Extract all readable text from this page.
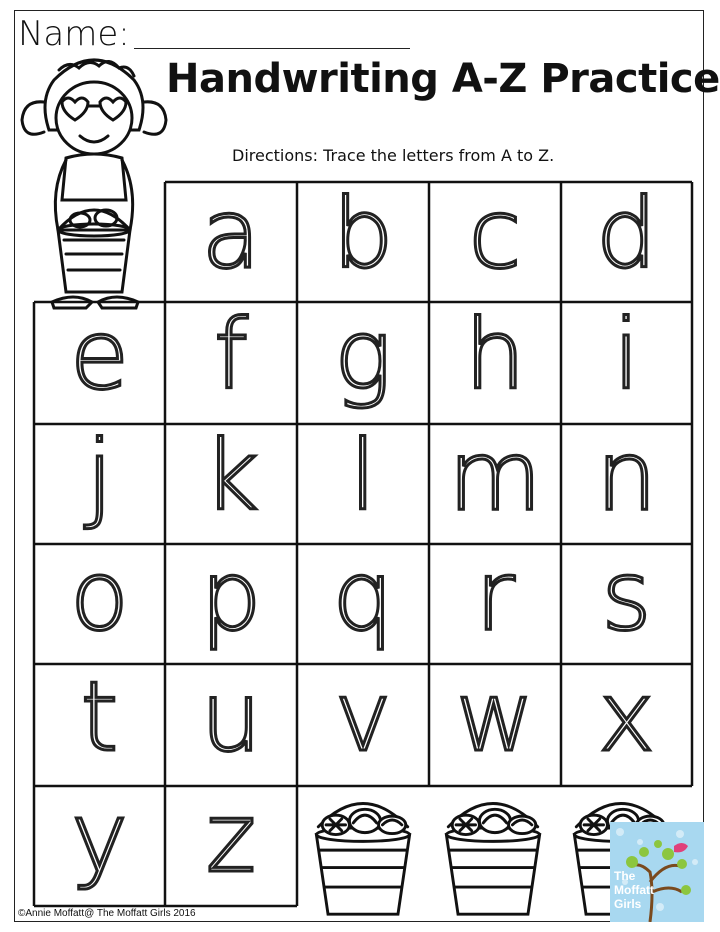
Name:
Handwriting A-Z Practice
Directions: Trace the letters from A to Z.
a b c d
e f g h i
j k l m n
o p q r s
t u v w x
y z
©Annie Moffatt@ The Moffatt Girls 2016
The
Moffatt
Girls
